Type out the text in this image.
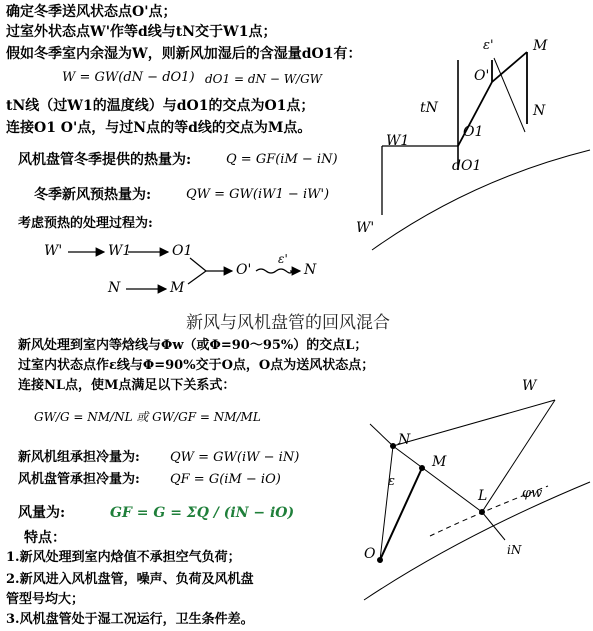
确定冬季送风状态点O'点；
过室外状态点W'作等d线与tN交于W1点；
假如冬季室内余湿为W，则新风加湿后的含湿量dO1有：
W = GW(dN − dO1) dO1 = dN − W/GW
tN线（过W1的温度线）与dO1的交点为O1点；
连接O1 O'点，与过N点的等d线的交点为M点。
风机盘管冬季提供的热量为:	Q = GF(iM − iN)
冬季新风预热量为:	QW = GW(iW1 − iW')
考虑预热的处理过程为:
W'	W1	O1
O'
ε'
N
N	M
ε'	M
O'
N
tN
W1
O1
dO1
W'
新风与风机盘管的回风混合
新风处理到室内等焓线与Φw（或Φ=90～95%）的交点L；
过室内状态点作ε线与Φ=90%交于O点，O点为送风状态点；
连接NL点，使M点满足以下关系式：
GW/G = NM/NL 或 GW/GF = NM/ML
新风机组承担冷量为: QW = GW(iW − iN)
风机盘管承担冷量为: QF = G(iM − iO)
风量为:	GF = G = ΣQ / (iN − iO)
特点：
1.新风处理到室内焓值不承担空气负荷；
2.新风进入风机盘管，噪声、负荷及风机盘
管型号均大；
3.风机盘管处于湿工况运行，卫生条件差。
W
N
M
ε
L	φw
O	iN
